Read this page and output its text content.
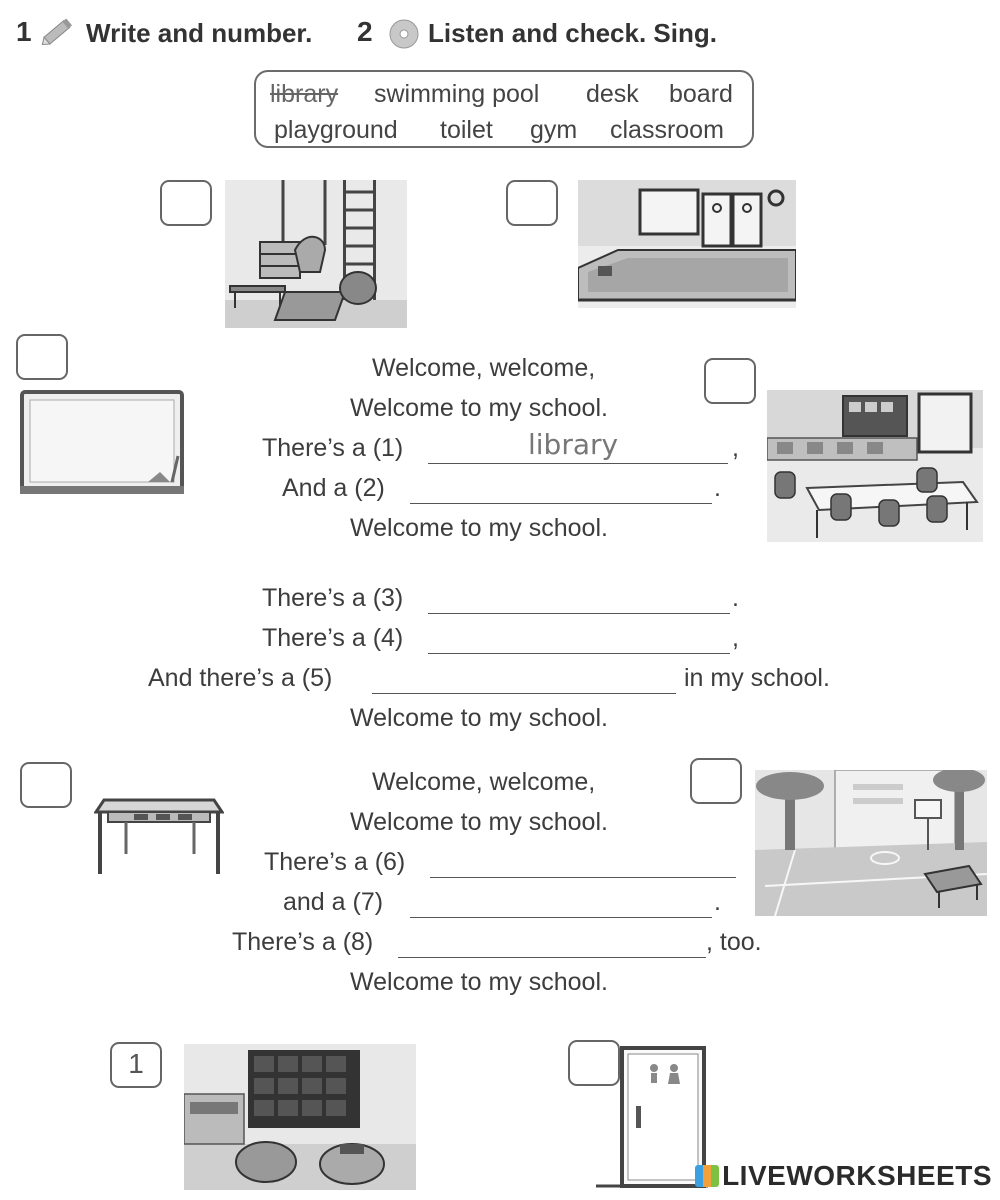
1 Write and number. 2 Listen and check. Sing.
library swimming pool desk board
playground toilet gym classroom
Welcome, welcome,
Welcome to my school.
There’s a (1)	library	,
And a (2)	.
Welcome to my school.
There’s a (3)	.
There’s a (4)	,
And there’s a (5)	in my school.
Welcome to my school.
Welcome, welcome,
Welcome to my school.
There’s a (6)
and a (7)	.
There’s a (8)	, too.
Welcome to my school.
1
LIVEWORKSHEETS
